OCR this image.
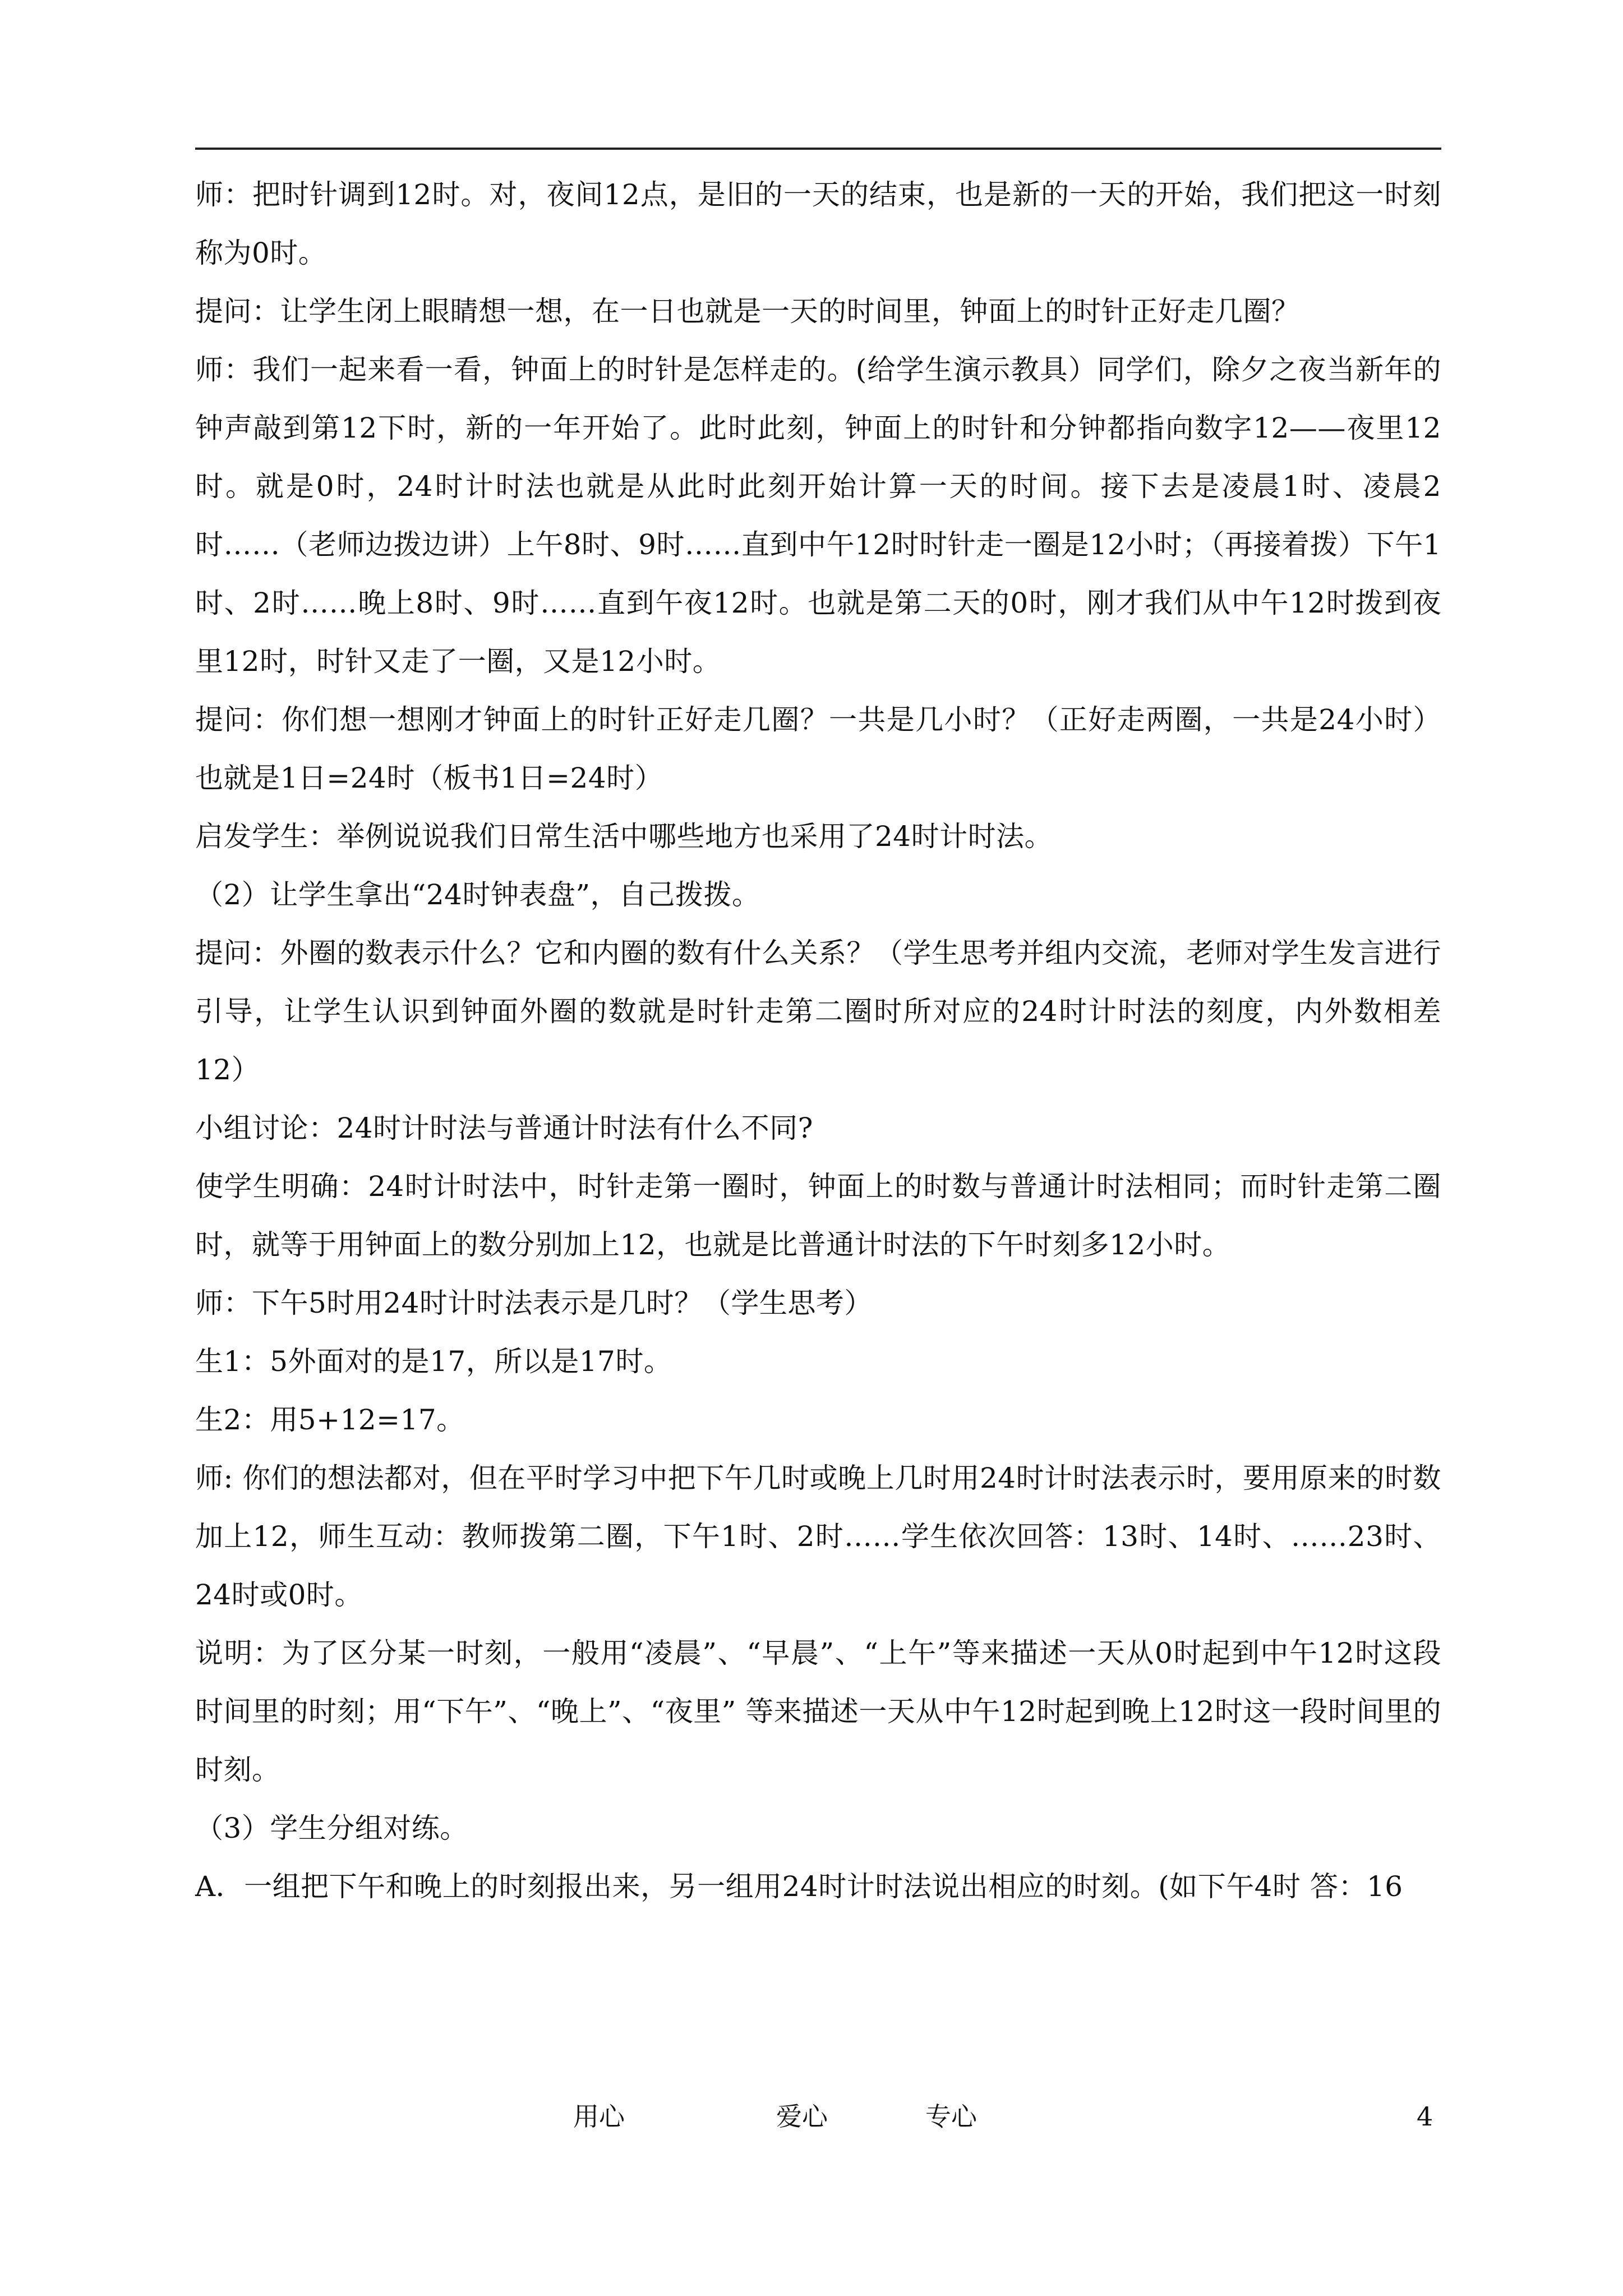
师：把时针调到12时。对，夜间12点，是旧的一天的结束，也是新的一天的开始，我们把这一时刻称为0时。

提问：让学生闭上眼睛想一想，在一日也就是一天的时间里，钟面上的时针正好走几圈？

师：我们一起来看一看，钟面上的时针是怎样走的。(给学生演示教具）同学们，除夕之夜当新年的钟声敲到第12下时，新的一年开始了。此时此刻，钟面上的时针和分钟都指向数字12——夜里12时。就是0时，24时计时法也就是从此时此刻开始计算一天的时间。接下去是凌晨1时、凌晨2时……（老师边拨边讲）上午8时、9时……直到中午12时时针走一圈是12小时；（再接着拨）下午1时、2时……晚上8时、9时……直到午夜12时。也就是第二天的0时，刚才我们从中午12时拨到夜里12时，时针又走了一圈，又是12小时。

提问：你们想一想刚才钟面上的时针正好走几圈？一共是几小时？（正好走两圈，一共是24小时）也就是1日=24时（板书1日=24时）

启发学生：举例说说我们日常生活中哪些地方也采用了24时计时法。

（2）让学生拿出“24时钟表盘”，自己拨拨。

提问：外圈的数表示什么？它和内圈的数有什么关系？（学生思考并组内交流，老师对学生发言进行引导，让学生认识到钟面外圈的数就是时针走第二圈时所对应的24时计时法的刻度，内外数相差12）

小组讨论：24时计时法与普通计时法有什么不同?

使学生明确：24时计时法中，时针走第一圈时，钟面上的时数与普通计时法相同；而时针走第二圈时，就等于用钟面上的数分别加上12，也就是比普通计时法的下午时刻多12小时。

师：下午5时用24时计时法表示是几时？（学生思考）

生1：5外面对的是17，所以是17时。

生2：用5+12=17。

师: 你们的想法都对，但在平时学习中把下午几时或晚上几时用24时计时法表示时，要用原来的时数加上12，师生互动：教师拨第二圈，下午1时、2时……学生依次回答：13时、14时、……23时、24时或0时。

说明：为了区分某一时刻，一般用“凌晨”、“早晨”、“上午”等来描述一天从0时起到中午12时这段时间里的时刻；用“下午”、“晚上”、“夜里” 等来描述一天从中午12时起到晚上12时这一段时间里的时刻。

（3）学生分组对练。

A．一组把下午和晚上的时刻报出来，另一组用24时计时法说出相应的时刻。(如下午4时 答：16

用心	爱心	专心	4
